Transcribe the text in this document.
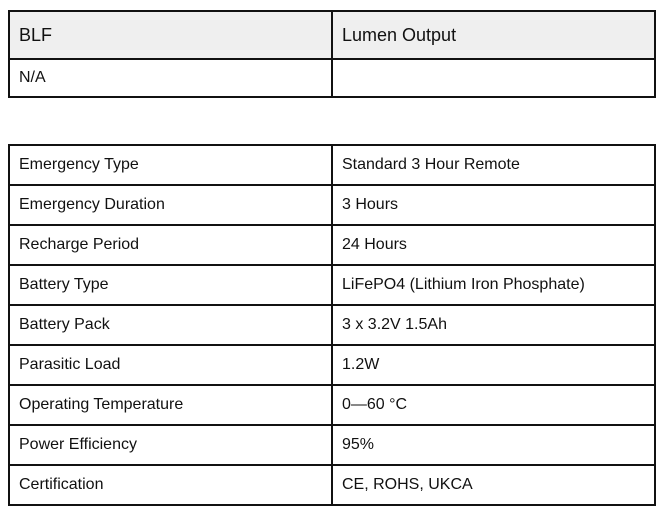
BLF	Lumen Output
N/A	
Emergency Type	Standard 3 Hour Remote
Emergency Duration	3 Hours
Recharge Period	24 Hours
Battery Type	LiFePO4 (Lithium Iron Phosphate)
Battery Pack	3 x 3.2V 1.5Ah
Parasitic Load	1.2W
Operating Temperature	0—60 °C
Power Efficiency	95%
Certification	CE, ROHS, UKCA
